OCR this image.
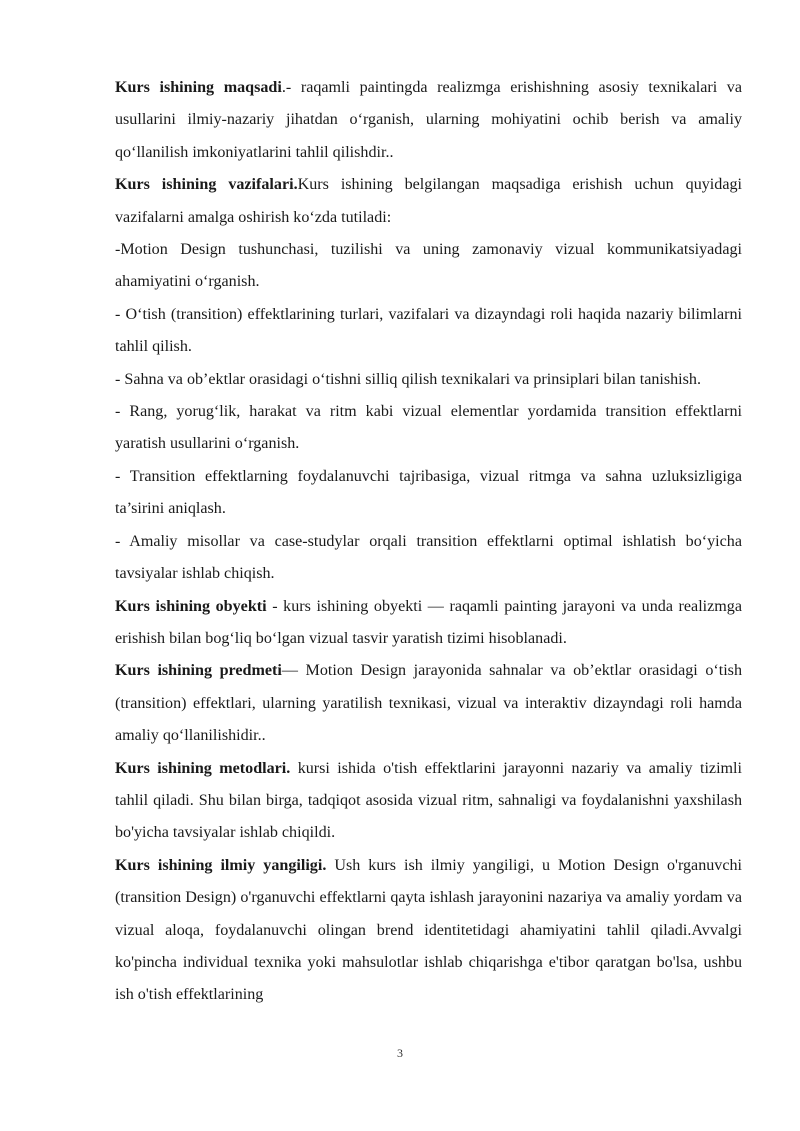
Kurs ishining maqsadi.- raqamli paintingda realizmga erishishning asosiy texnikalari va usullarini ilmiy-nazariy jihatdan o‘rganish, ularning mohiyatini ochib berish va amaliy qo‘llanilish imkoniyatlarini tahlil qilishdir..

Kurs ishining vazifalari.Kurs ishining belgilangan maqsadiga erishish uchun quyidagi vazifalarni amalga oshirish ko‘zda tutiladi:

-Motion Design tushunchasi, tuzilishi va uning zamonaviy vizual kommunikatsiyadagi ahamiyatini o‘rganish.

- O‘tish (transition) effektlarining turlari, vazifalari va dizayndagi roli haqida nazariy bilimlarni tahlil qilish.

- Sahna va ob’ektlar orasidagi o‘tishni silliq qilish texnikalari va prinsiplari bilan tanishish.

- Rang, yorug‘lik, harakat va ritm kabi vizual elementlar yordamida transition effektlarni yaratish usullarini o‘rganish.

- Transition effektlarning foydalanuvchi tajribasiga, vizual ritmga va sahna uzluksizligiga ta’sirini aniqlash.

- Amaliy misollar va case-studylar orqali transition effektlarni optimal ishlatish bo‘yicha tavsiyalar ishlab chiqish.

Kurs ishining obyekti - kurs ishining obyekti — raqamli painting jarayoni va unda realizmga erishish bilan bog‘liq bo‘lgan vizual tasvir yaratish tizimi hisoblanadi.

Kurs ishining predmeti— Motion Design jarayonida sahnalar va ob’ektlar orasidagi o‘tish (transition) effektlari, ularning yaratilish texnikasi, vizual va interaktiv dizayndagi roli hamda amaliy qo‘llanilishidir..

Kurs ishining metodlari. kursi ishida o'tish effektlarini jarayonni nazariy va amaliy tizimli tahlil qiladi. Shu bilan birga, tadqiqot asosida vizual ritm, sahnaligi va foydalanishni yaxshilash bo'yicha tavsiyalar ishlab chiqildi.

Kurs ishining ilmiy yangiligi. Ush kurs ish ilmiy yangiligi, u Motion Design o'rganuvchi (transition Design) o'rganuvchi effektlarni qayta ishlash jarayonini nazariya va amaliy yordam va vizual aloqa, foydalanuvchi olingan brend identitetidagi ahamiyatini tahlil qiladi.Avvalgi ko'pincha individual texnika yoki mahsulotlar ishlab chiqarishga e'tibor qaratgan bo'lsa, ushbu ish o'tish effektlarining

3
